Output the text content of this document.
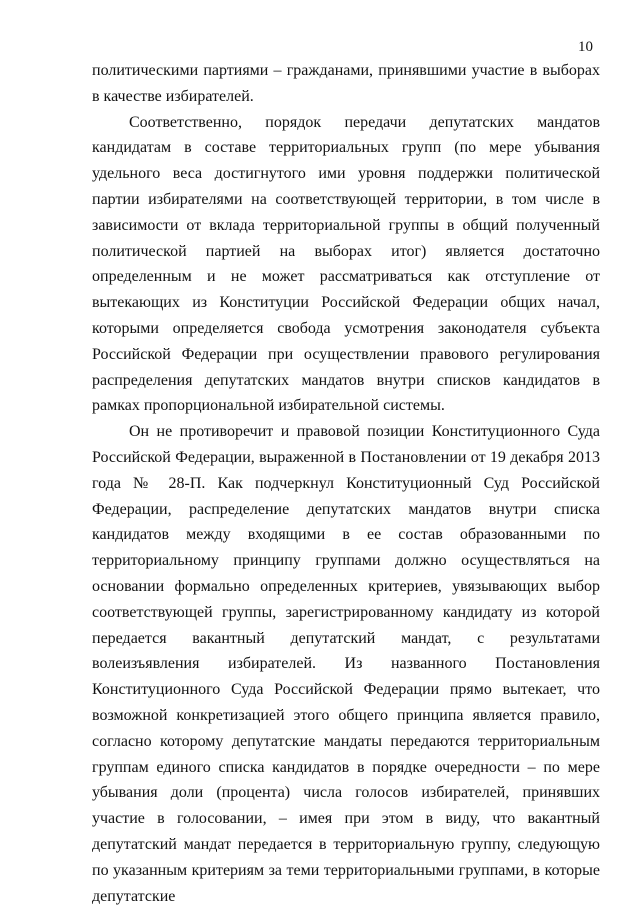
10

политическими партиями – гражданами, принявшими участие в выборах в качестве избирателей.

Соответственно, порядок передачи депутатских мандатов кандидатам в составе территориальных групп (по мере убывания удельного веса достигнутого ими уровня поддержки политической партии избирателями на соответствующей территории, в том числе в зависимости от вклада территориальной группы в общий полученный политической партией на выборах итог) является достаточно определенным и не может рассматриваться как отступление от вытекающих из Конституции Российской Федерации общих начал, которыми определяется свобода усмотрения законодателя субъекта Российской Федерации при осуществлении правового регулирования распределения депутатских мандатов внутри списков кандидатов в рамках пропорциональной избирательной системы.

Он не противоречит и правовой позиции Конституционного Суда Российской Федерации, выраженной в Постановлении от 19 декабря 2013 года № 28-П. Как подчеркнул Конституционный Суд Российской Федерации, распределение депутатских мандатов внутри списка кандидатов между входящими в ее состав образованными по территориальному принципу группами должно осуществляться на основании формально определенных критериев, увязывающих выбор соответствующей группы, зарегистрированному кандидату из которой передается вакантный депутатский мандат, с результатами волеизъявления избирателей. Из названного Постановления Конституционного Суда Российской Федерации прямо вытекает, что возможной конкретизацией этого общего принципа является правило, согласно которому депутатские мандаты передаются территориальным группам единого списка кандидатов в порядке очередности – по мере убывания доли (процента) числа голосов избирателей, принявших участие в голосовании, – имея при этом в виду, что вакантный депутатский мандат передается в территориальную группу, следующую по указанным критериям за теми территориальными группами, в которые депутатские
